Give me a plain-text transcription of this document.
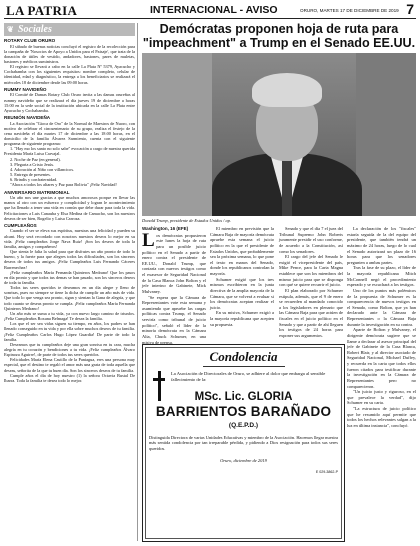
LA PATRIA	INTERNACIONAL - AVISO	ORURO, MARTES 17 DE DICIEMBRE DE 2019 7
❦ Sociales
ROTARY CLUB ORURO

El sábado de buenas noticias concluyó el registro de la recolección para la campaña de 'Nosocios de Apoyo a Unidos para el Paisaje', que trata de la donación de útiles de vestido, andadores, bastones, pares de muletas, bastones y médicos suministros.

El registro se llevará a cabo en la calle La Plata Nº 5379, Ayacucho y Cochabamba con los siguientes requisitos: nombre completo, celular de identidad, edad y diagnóstico, la entrega a los beneficiarios se realizará el miércoles 18 de diciembre desde las 09:00 horas.

RUMMY NAVIDEÑO

El Comité de Damas Rotary Club Oruro invita a las damas orureñas al rummy navideño que se realizará el día jueves 19 de diciembre a horas 15:00 en la sede social de la institución ubicada en la calle La Plata entre Ayacucho y Cochabamba.

REUNIÓN NAVIDEÑA

La Asociación "Gioca de Oro" de la Normal de Maestros de Nuoro, con motivo de celebrar el cincuentenario de su grupo, realiza el festejo de la cena navideña el día martes 17 de diciembre a las 18:00 horas, en el domicilio de la familia Álvarez Sarmiento, cuenta con el siguiente programa de siguiente programa:

1. "Hay mo los santo no solo sabe" evocación a cargo de nuestra querida Presidenta María Luisa Carvajal.

2. Noche de Paz (en general).

3. Plegaria a Cristo Jesús.

4. Adoración al Niño con villancicos.

5. Entrega de presentes.

6. Brindis y confraternidad.

"Ahora a todos los altares y Paz para Bolivia" ¡Feliz Navidad!

ANIVERSARIO MATRIMONIAL

Un año nos une gracias a que muchos amorosos porque en llevar las manos al otro con un esfuerzo y complicidad y logran le acontecimiento que ha llenado a tener una vida en común que debe durar para toda la vida. Felicitaciones a Luis Canauba y Elsa Medina de Camacho, son los nuestros deseos de ser bien, Rogelio y Luisa Carroza.

CUMPLEAÑOS

Cuando el ser se eleva sus espíritus, nuestras una felicidad y pueden su alcant. Hoy será recordado con nosotros nuestros deseos lo mejor en su vida. ¡Feliz cumpleaños Jorge Nava Ruiz! ¡Son los deseos de toda la familia, amigos y compañeros!

Que sienta le falta la salud para que disfrutes un año pronto de todo lo bueno, y la fuerte para que alegres todos las dificultades, son los sinceros deseos de todos tus amigos. ¡Feliz Cumpleaños Luis Fernando Cáceres Barrenechea!

¡Feliz cumpleaños María Fernanda Quinteros Medrano! Que los pasos en día pronto y que todos tus demas se han pasado, son los sinceros deseos de toda tu familia.

Todos tus seres queridos te deseamos en un día alegre y lleno de sonrisas, pues no siempre se tiene la dicha de cumplir un año más de vida. Que todo lo que venga sea pronto, sigan y sientan la Gana de alegría, y que todo cuanto se deseas pronto se cumpla. ¡Feliz cumpleaños María Fernanda Quinteros Medrano!

Un año más se suma a tu vida, ya con nuevo largo camino de triunfos. ¡Feliz Cumpleaños Roxana Belmaga! Te desea la familia.

Los que el ser sea vidas siguen su tiempo, en años, los padres se han llenado conseguido en tu vida y por ella sobre muchos deseos de tu familia. ¡Feliz Cumpleaños Carlos Hugo López Guardia! De parte de todo la familia.

Deseamos que tu cumpleaños deje una gran sonrisa en tu cara, mucha alegría en tu corazón y bendiciones a tu vida. ¡Feliz cumpleaños Álvaro Espinoza Aguirre!, de parte de todos tus seres queridos.

Felicidades María Elena Castillo de la Paniagua, eres una persona muy especial, que el destino te regaló el amor más una grata de toda aquella que deseas, señorita de la que tu buen día. Son los sinceros deseos de tu familia.

Cumple años el día de hoy nuestro (1) la señora Octavia Bustal De Ibarra. Toda la familia te desea todo lo mejor.

Demócratas proponen hoja de ruta para "impeachment" a Trump en el Senado EE.UU.
Donald Trump, presidente de Estados Unidos / ap.
Washington, 16 (EFE)

Los demócratas propusieron este lunes la hoja de ruta para un posible juicio político en el Senado a partir de enero contra el presidente de EE.UU., Donald Trump, que contaría con nuevos testigos como el exasesor de Seguridad Nacional de la Casa Blanca John Bolton y el jefe interino de Gabinete, Mick Mulvaney.

"Se espera que la Cámara de Representantes vote esta semana y asumiendo que apruebe las cargas políticas contra Trump, el Senado serviría como tribunal de juicio político", señaló el líder de la minoría demócrata en la Cámara Alta, Chuck Schumer, en una misiva de prensa.

El miembro en previsión que la Cámara Baja de mayoría demócrata apruebe esta semana el juicio político en la que el presidente de Estados Unidos, que probablemente sea la próxima semana, lo que pone el texto en manos del Senado, donde los republicanos controlan la mayoría.

Schumer exigió que los tres mismos escribieron en la junta directiva de la amplia mayoría de la Cámara, que se volverá a evaluar si los demócratas aceptan realizar el juicio.

En su misiva, Schumer exigió a la mayoría republicana que acepten su propuesta.

Senado y que el día 7 el juez del Tribunal Supremo John Roberts juramente presidir el uso conforme, de acuerdo a la Constitución, así como los senadores.

El cargo del jefe del Senado le exigió el vicepresidente del país, Mike Pence, para la Carta Magna establece que son los miembros del mismo juicio para que se disponga con qué se quiere recurrir el juicio.

El plan elaborado por Schumer estipula, además, que el 9 de enero se recuerden al mandado conocido a los legisladores en plenario que las Cámara Baja para que actúen de fiscales en el juicio político en el Senado y que a partir de ahí lleguen los testigos de 24 horas para exponer sus argumentos.

La declaración de los "fiscales" estaría seguida de la del equipo del presidente, que también tendrá un máximo de 24 horas, luego de lo cual el Senado autorizará un plazo de 16 horas para que los senadores pregunten a ambas partes.

Tras la fase de su plazo, el líder de la mayoría republicana Mitch McConnell negó el procedimiento esperado y se escuchará a los testigos.

Uno de los puntos más polémicos de la propuesta de Schumer es la comparecencia de nuevos testigos en el Senado, como Bolton, que ya han declarado ante la Cámara de Representantes o la Cámara Baja durante la investigación en su contra.

Aparte de Bolton y Mulvaney, el dirigente demócrata sugiere que se llame a declarar al asesor principal del jefe de Gabinete de la Casa Blanca, Robert Blair, y al director asociado de Seguridad Nacional, Michael Duffey, y recuerda en la carta que todos ellos fueron citados para testificar durante la investigación en la Cámara de Representantes pero no comparecieron.

"Un juicio justo y riguroso, en el que prevalece la verdad", dijo Schumer en su carta.

"La estructura de juicio político que he resumido aquí permite que todos los hechos relevantes salgan a la luz en última instancia", concluyó.

Condolencia
La Asociación de Directorales de Oruro, se adhiere al dolor que embarga al sensible fallecimiento de la:
MSc. Lic. GLORIA
BARRIENTOS BARAÑADO
(Q.E.P.D.)
Distinguida Directora de varias Unidades Educativas y miembro de la Asociación. Hacemos llegar nuestra más sentida condolencia por tan irreparable pérdida, y pidiendo a Dios resignación para todos sus seres queridos.
Oruro, diciembre de 2019
E 029-3862-P
